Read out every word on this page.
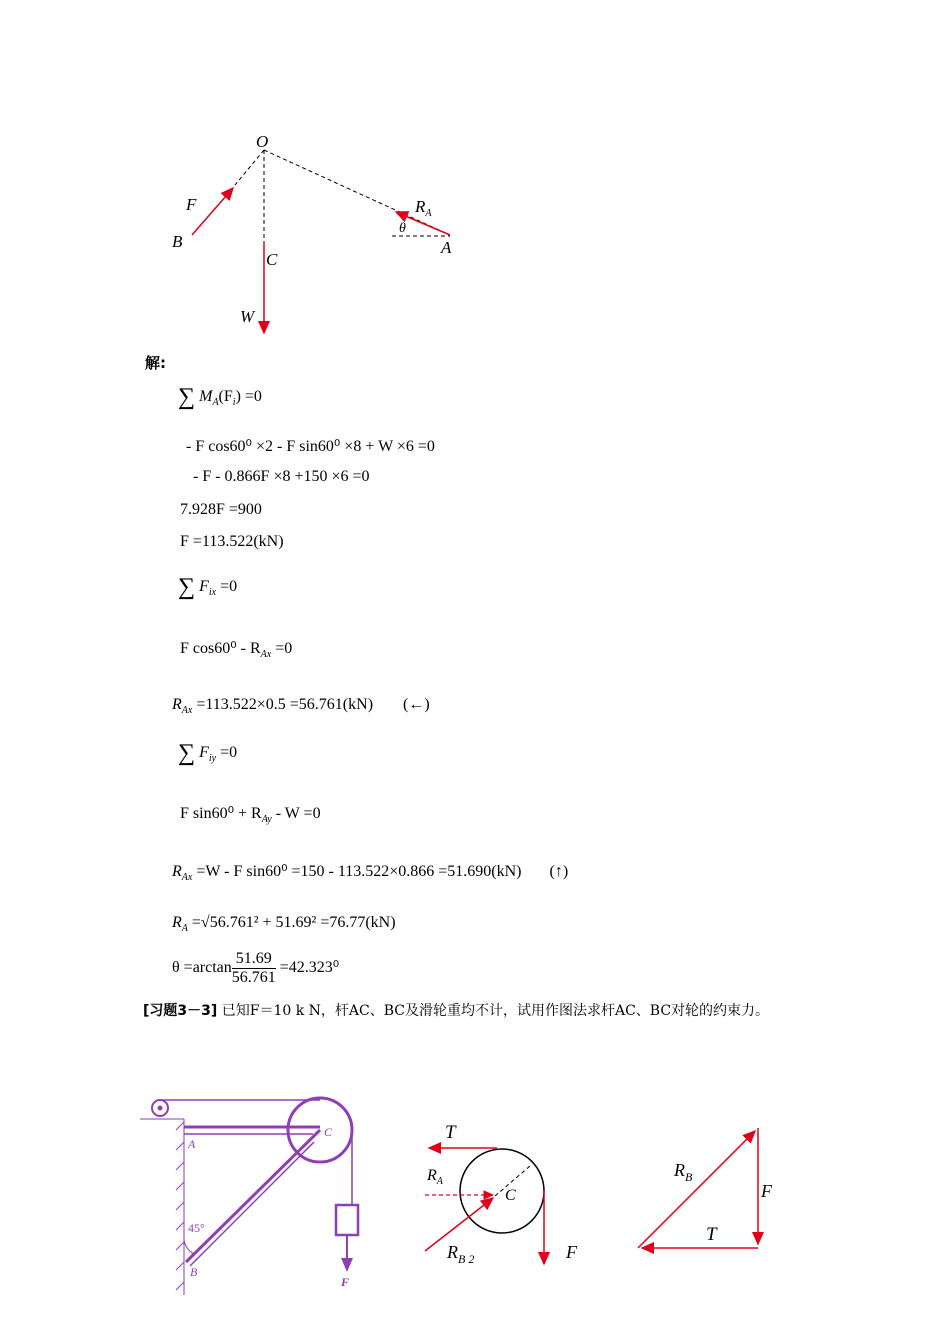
O
F
B
C
W
$R_A$
θ
A
解:
∑ $M_A(F_i) =0$
- F cos60⁰ ×2 - F sin60⁰ ×8 + W ×6 =0
- F - 0.866F ×8 +150 ×6 =0
7.928F =900
F =113.522(kN)
∑ $F_{ix} =0$
F $\cos 60^0 - R_{Ax} =0$
$R_{Ax} =113.522\times 0.5 =56.761(kN)$ (←)
∑ $F_{iy} =0$
F $\sin 60^0 + R_{Ay} - W =0$
$R_{Ax} =W - F$ sin60⁰ =150 - 113.522×0.866 =51.690(kN) (↑)
$R_A =√56.761^2 + 51.69^2 =76.77(kN)$
$\theta =\arctan \frac{51.69}{56.761} =42.323^0$
[习题3－3] 已知F＝10 k N，杆AC、BC及滑轮重均不计，试用作图法求杆AC、BC对轮的约束力。
A
C
B
45°
F
T
$R_A$
C
$R_{B 2}$	F
$R_B$
F
T
